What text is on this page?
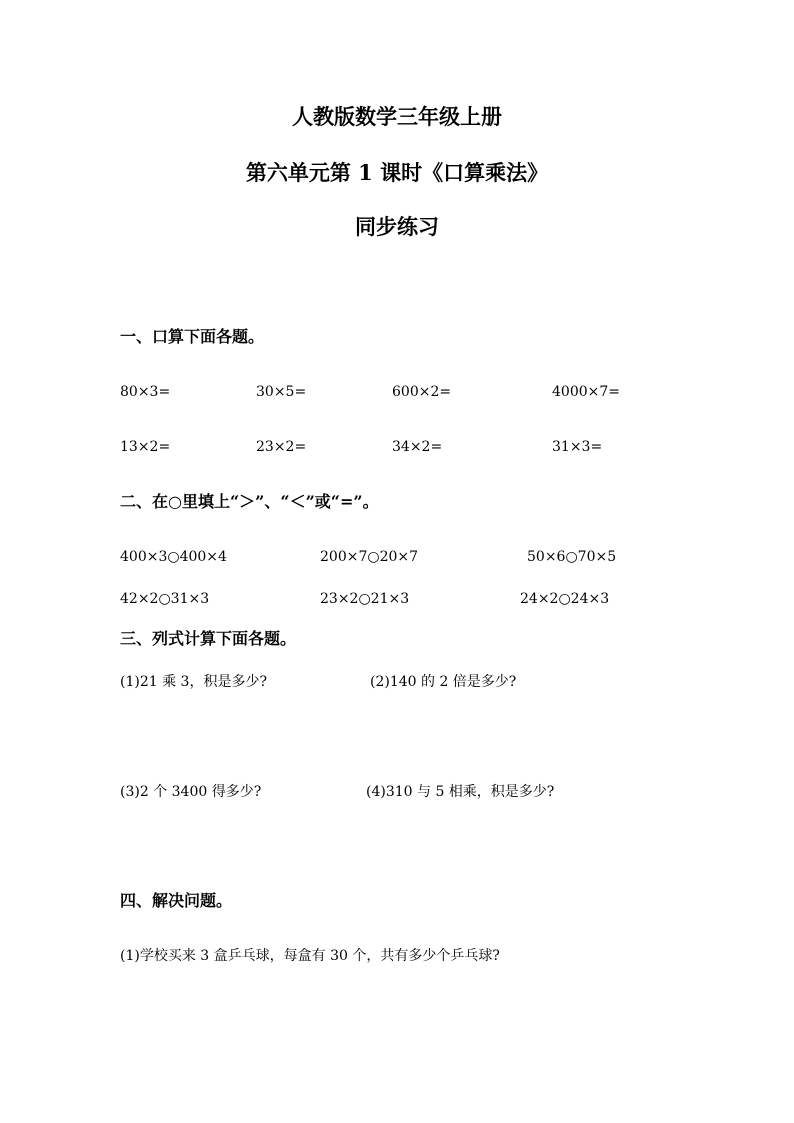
人教版数学三年级上册
第六单元第 1 课时《口算乘法》
同步练习
一、口算下面各题。
80×3=	30×5=	600×2=	4000×7=
13×2=	23×2=	34×2=	31×3=
二、在○里填上“＞”、“＜”或“=”。
400×3○400×4	200×7○20×7	50×6○70×5
42×2○31×3	23×2○21×3	24×2○24×3
三、列式计算下面各题。
(1)21 乘 3，积是多少?	(2)140 的 2 倍是多少?
(3)2 个 3400 得多少?	(4)310 与 5 相乘，积是多少?
四、解决问题。
(1)学校买来 3 盒乒乓球，每盒有 30 个，共有多少个乒乓球?
